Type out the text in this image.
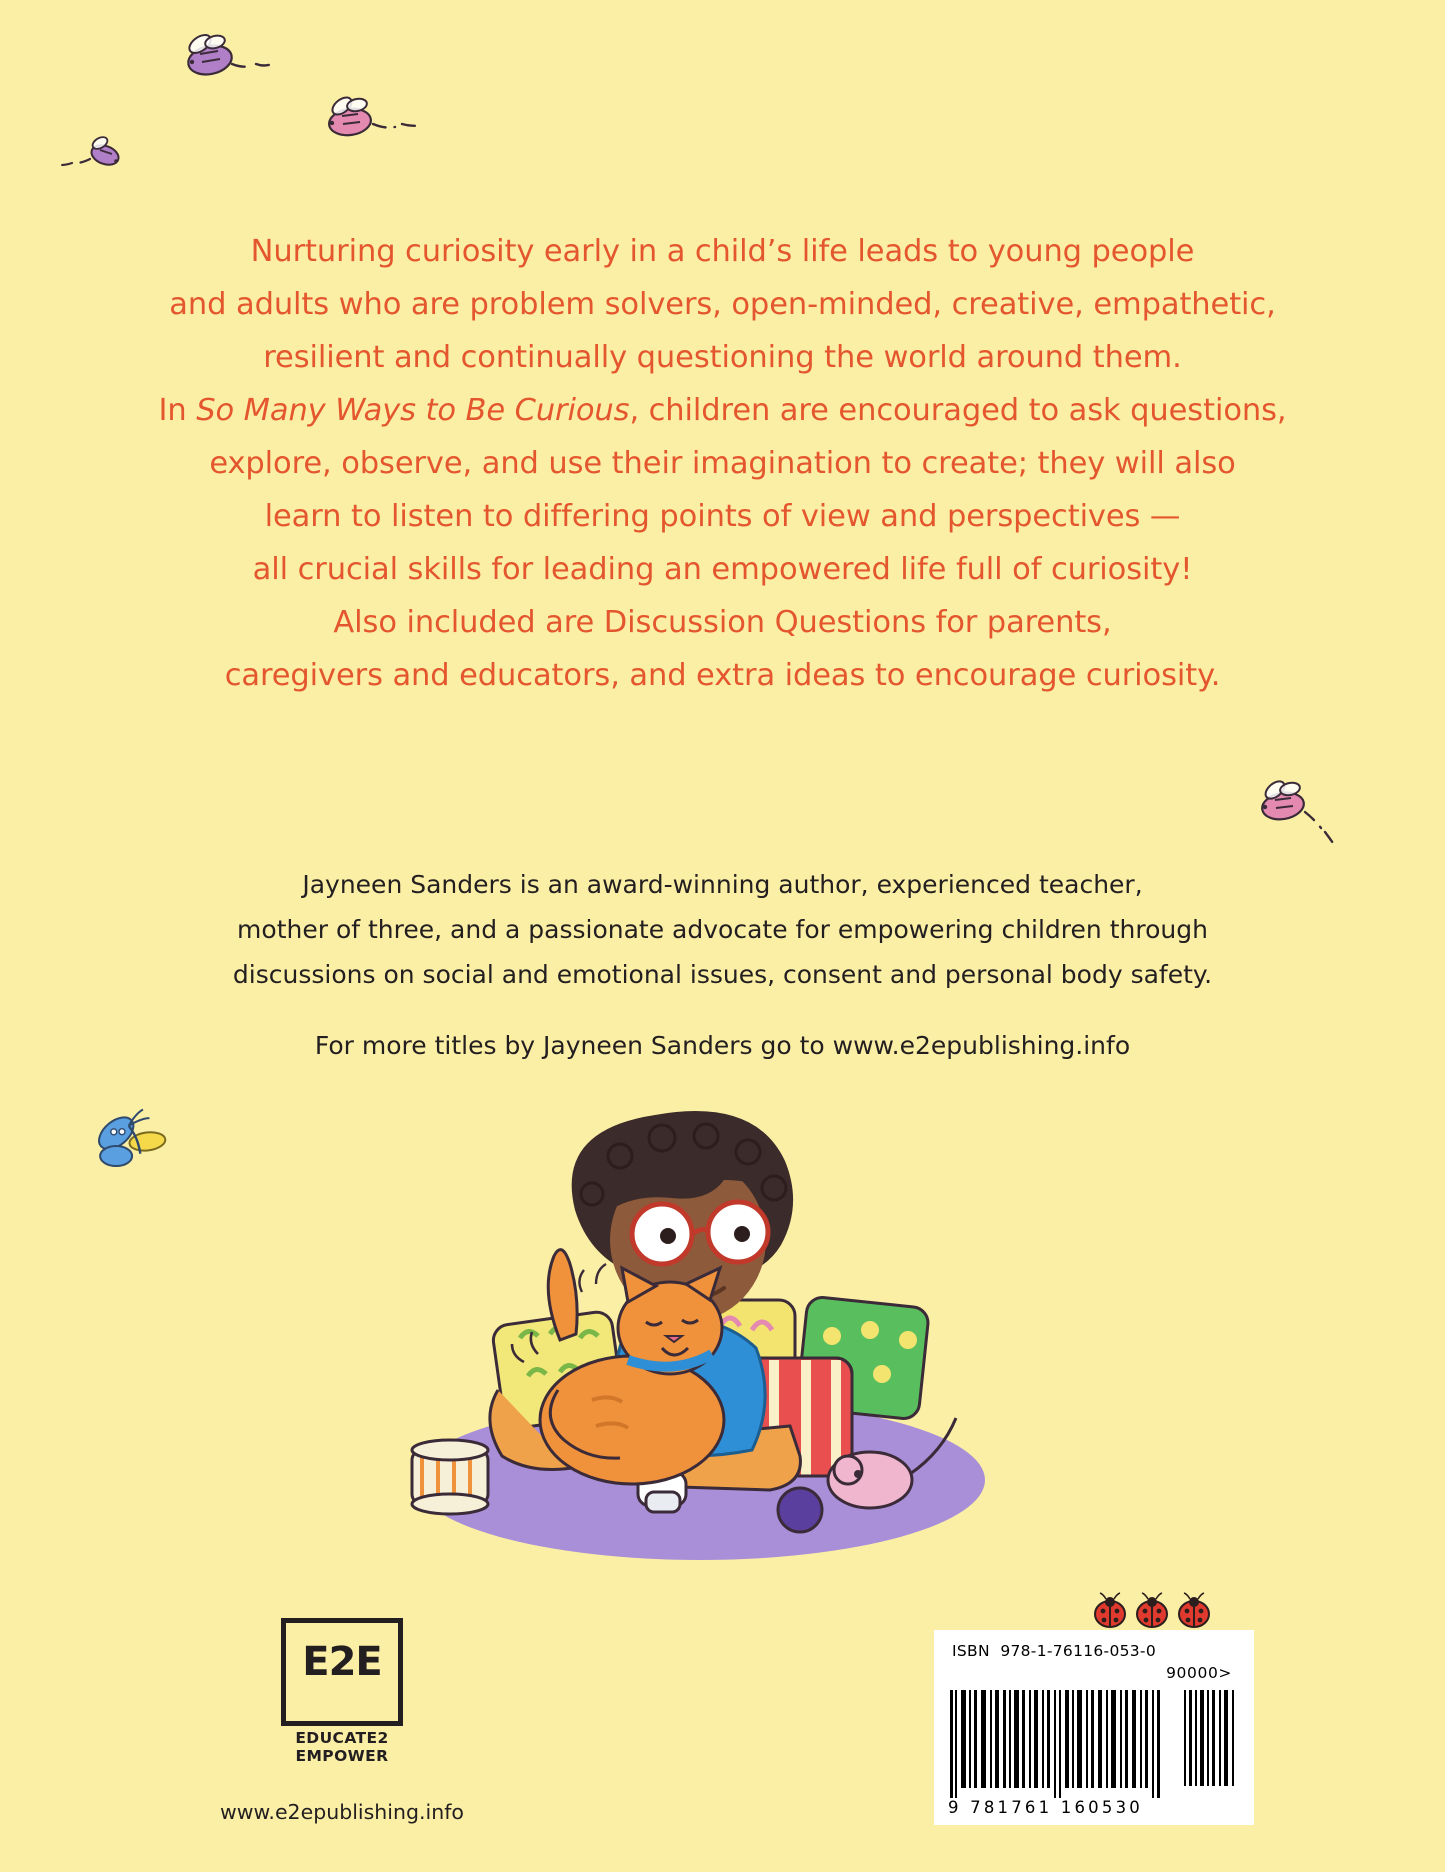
Nurturing curiosity early in a child’s life leads to young people
and adults who are problem solvers, open-minded, creative, empathetic,
resilient and continually questioning the world around them.
In So Many Ways to Be Curious, children are encouraged to ask questions,
explore, observe, and use their imagination to create; they will also
learn to listen to differing points of view and perspectives —
all crucial skills for leading an empowered life full of curiosity!
Also included are Discussion Questions for parents,
caregivers and educators, and extra ideas to encourage curiosity.
Jayneen Sanders is an award-winning author, experienced teacher,
mother of three, and a passionate advocate for empowering children through
discussions on social and emotional issues, consent and personal body safety.
For more titles by Jayneen Sanders go to www.e2epublishing.info
E2E
EDUCATE2
EMPOWER
www.e2epublishing.info
ISBN 978-1-76116-053-0
90000>
9 781761 160530
